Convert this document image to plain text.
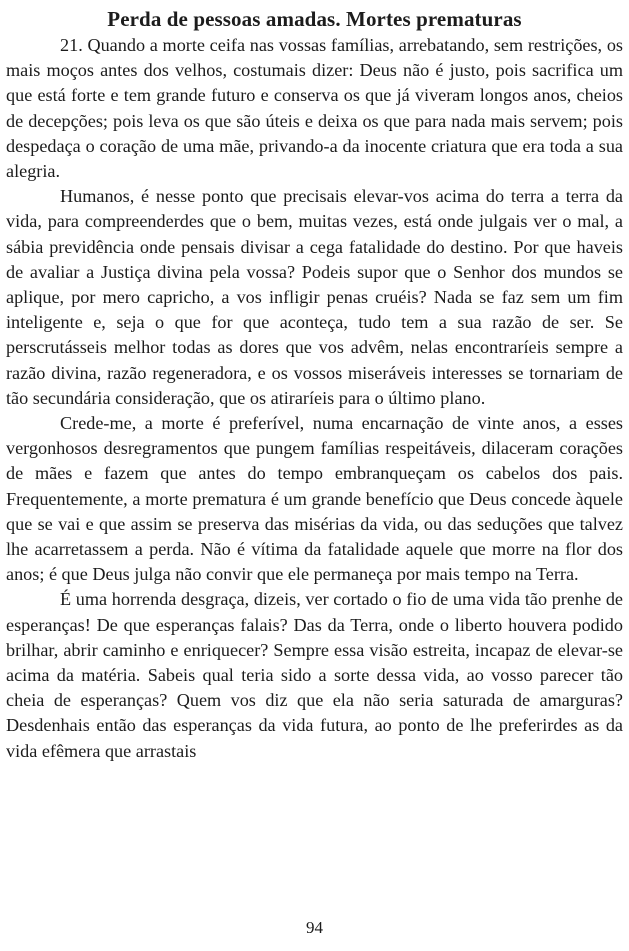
Perda de pessoas amadas. Mortes prematuras

21. Quando a morte ceifa nas vossas famílias, arrebatando, sem restrições, os mais moços antes dos velhos, costumais dizer: Deus não é justo, pois sacrifica um que está forte e tem grande futuro e conserva os que já viveram longos anos, cheios de decepções; pois leva os que são úteis e deixa os que para nada mais servem; pois despedaça o coração de uma mãe, privando-a da inocente criatura que era toda a sua alegria.

Humanos, é nesse ponto que precisais elevar-vos acima do terra a terra da vida, para compreenderdes que o bem, muitas vezes, está onde julgais ver o mal, a sábia previdência onde pensais divisar a cega fatalidade do destino. Por que haveis de avaliar a Justiça divina pela vossa? Podeis supor que o Senhor dos mundos se aplique, por mero capricho, a vos infligir penas cruéis? Nada se faz sem um fim inteligente e, seja o que for que aconteça, tudo tem a sua razão de ser. Se perscrutásseis melhor todas as dores que vos advêm, nelas encontraríeis sempre a razão divina, razão regeneradora, e os vossos miseráveis interesses se tornariam de tão secundária consideração, que os atiraríeis para o último plano.

Crede-me, a morte é preferível, numa encarnação de vinte anos, a esses vergonhosos desregramentos que pungem famílias respeitáveis, dilaceram corações de mães e fazem que antes do tempo embranqueçam os cabelos dos pais. Frequentemente, a morte prematura é um grande benefício que Deus concede àquele que se vai e que assim se preserva das misérias da vida, ou das seduções que talvez lhe acarretassem a perda. Não é vítima da fatalidade aquele que morre na flor dos anos; é que Deus julga não convir que ele permaneça por mais tempo na Terra.

É uma horrenda desgraça, dizeis, ver cortado o fio de uma vida tão prenhe de esperanças! De que esperanças falais? Das da Terra, onde o liberto houvera podido brilhar, abrir caminho e enriquecer? Sempre essa visão estreita, incapaz de elevar-se acima da matéria. Sabeis qual teria sido a sorte dessa vida, ao vosso parecer tão cheia de esperanças? Quem vos diz que ela não seria saturada de amarguras? Desdenhais então das esperanças da vida futura, ao ponto de lhe preferirdes as da vida efêmera que arrastais

94
